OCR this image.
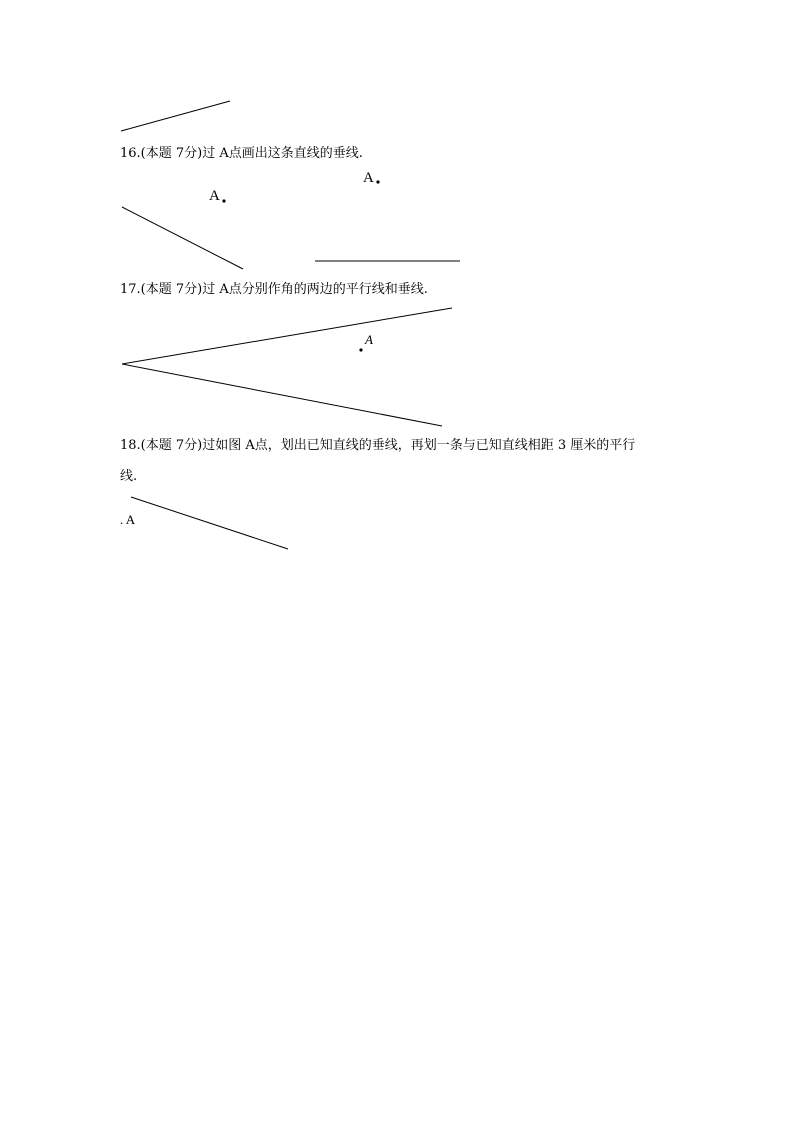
16.(本题 7分)过 A点画出这条直线的垂线.

17.(本题 7分)过 A点分别作角的两边的平行线和垂线.

18.(本题 7分)过如图 A点，划出已知直线的垂线，再划一条与已知直线相距 3 厘米的平行
线.

A
A
A
. A
